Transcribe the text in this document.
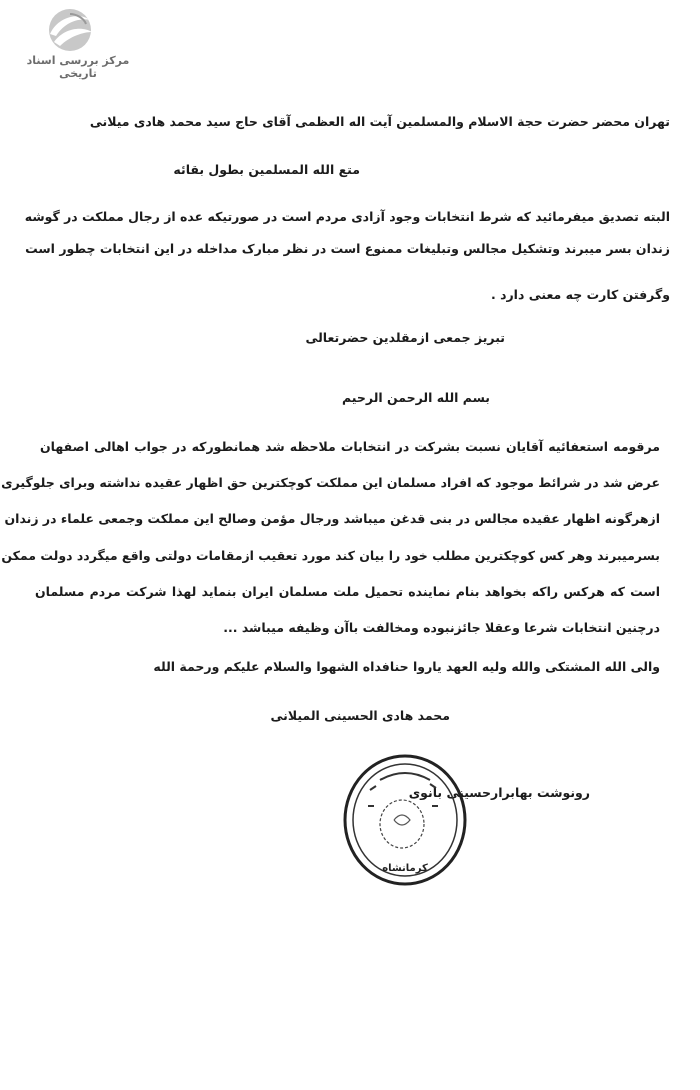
مرکز بررسی اسناد تاریخی
تهران محضر حضرت حجة الاسلام والمسلمین آیت اله العظمی آقای حاج سید محمد هادی میلانی
متع الله المسلمین بطول بقائه
البته تصدیق میفرمائید که شرط انتخابات وجود آزادی مردم است در صورتیکه عده از رجال مملکت در گوشه
زندان بسر میبرند وتشکیل مجالس وتبلیغات ممنوع است در نظر مبارک مداخله در این انتخابات چطور است
وگرفتن کارت چه معنی دارد .
تبریز جمعی ازمقلدین حضرتعالی
بسم الله الرحمن الرحیم
مرقومه استعفائیه آقایان نسبت بشرکت در انتخابات ملاحظه شد همانطورکه در جواب اهالی اصفهان
عرض شد در شرائط موجود که افراد مسلمان این مملکت کوچکترین حق اظهار عقیده نداشته وبرای جلوگیری
ازهرگونه اظهار عقیده مجالس در بنی قدغن میباشد ورجال مؤمن وصالح این مملکت وجمعی علماء در زندان
بسرمیبرند وهر کس کوچکترین مطلب خود را بیان کند مورد تعقیب ازمقامات دولتی واقع میگردد دولت ممکن
است که هرکس راکه بخواهد بنام نماینده تحمیل ملت مسلمان ایران بنماید لهذا شرکت مردم مسلمان
درچنین انتخابات شرعا وعقلا جائزنبوده ومخالفت باآن وظیفه میباشد ...
والی الله المشتکی والله ولیه العهد یاروا حنافداه الشهوا والسلام علیکم ورحمة الله
محمد هادی الحسینی المیلانی
رونوشت بهابرارحسینی بانوی
کرمانشاه
